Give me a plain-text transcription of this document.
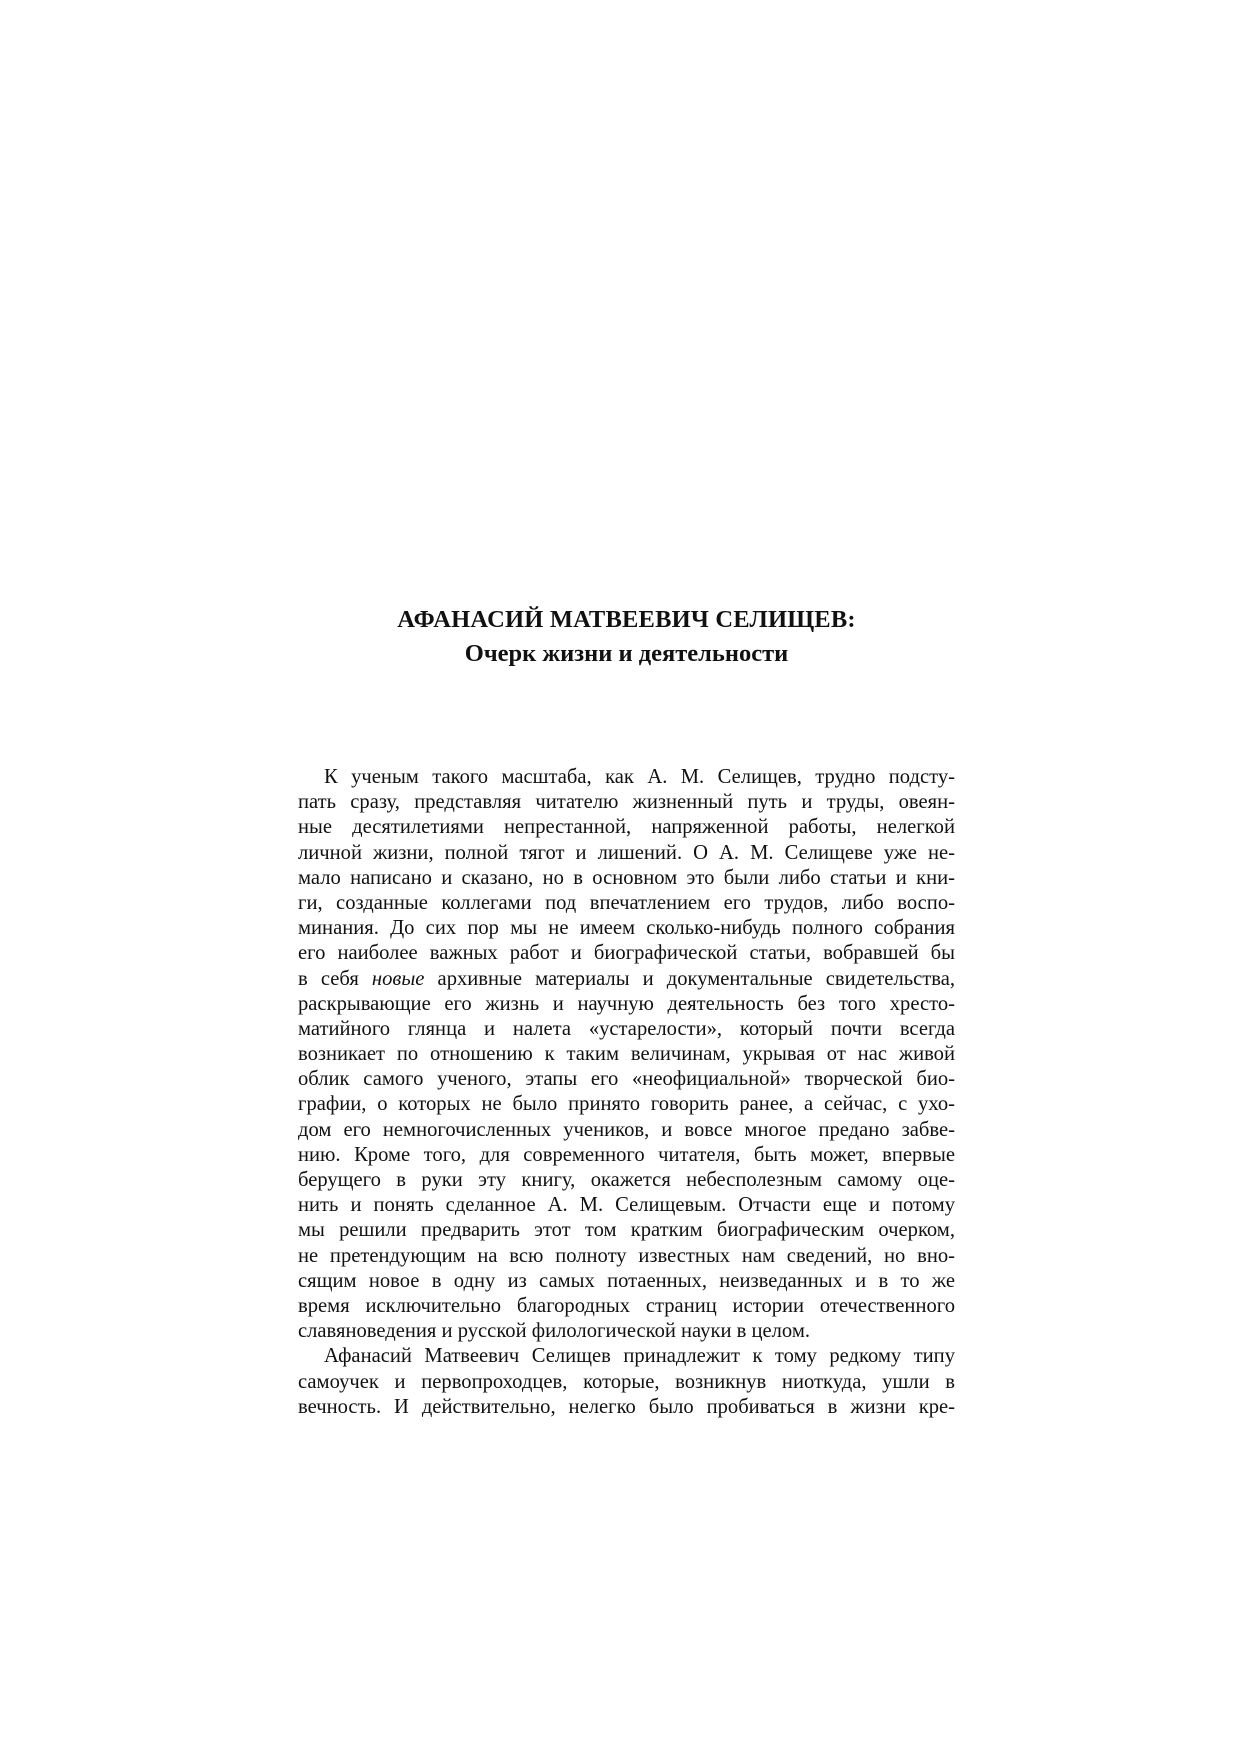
АФАНАСИЙ МАТВЕЕВИЧ СЕЛИЩЕВ:
Очерк жизни и деятельности
К ученым такого масштаба, как А. М. Селищев, трудно подсту-
пать сразу, представляя читателю жизненный путь и труды, овеян-
ные десятилетиями непрестанной, напряженной работы, нелегкой
личной жизни, полной тягот и лишений. О А. М. Селищеве уже не-
мало написано и сказано, но в основном это были либо статьи и кни-
ги, созданные коллегами под впечатлением его трудов, либо воспо-
минания. До сих пор мы не имеем сколько-нибудь полного собрания
его наиболее важных работ и биографической статьи, вобравшей бы
в себя новые архивные материалы и документальные свидетельства,
раскрывающие его жизнь и научную деятельность без того хресто-
матийного глянца и налета «устарелости», который почти всегда
возникает по отношению к таким величинам, укрывая от нас живой
облик самого ученого, этапы его «неофициальной» творческой био-
графии, о которых не было принято говорить ранее, а сейчас, с ухо-
дом его немногочисленных учеников, и вовсе многое предано забве-
нию. Кроме того, для современного читателя, быть может, впервые
берущего в руки эту книгу, окажется небесполезным самому оце-
нить и понять сделанное А. М. Селищевым. Отчасти еще и потому
мы решили предварить этот том кратким биографическим очерком,
не претендующим на всю полноту известных нам сведений, но вно-
сящим новое в одну из самых потаенных, неизведанных и в то же
время исключительно благородных страниц истории отечественного
славяноведения и русской филологической науки в целом.
Афанасий Матвеевич Селищев принадлежит к тому редкому типу
самоучек и первопроходцев, которые, возникнув ниоткуда, ушли в
вечность. И действительно, нелегко было пробиваться в жизни кре-
